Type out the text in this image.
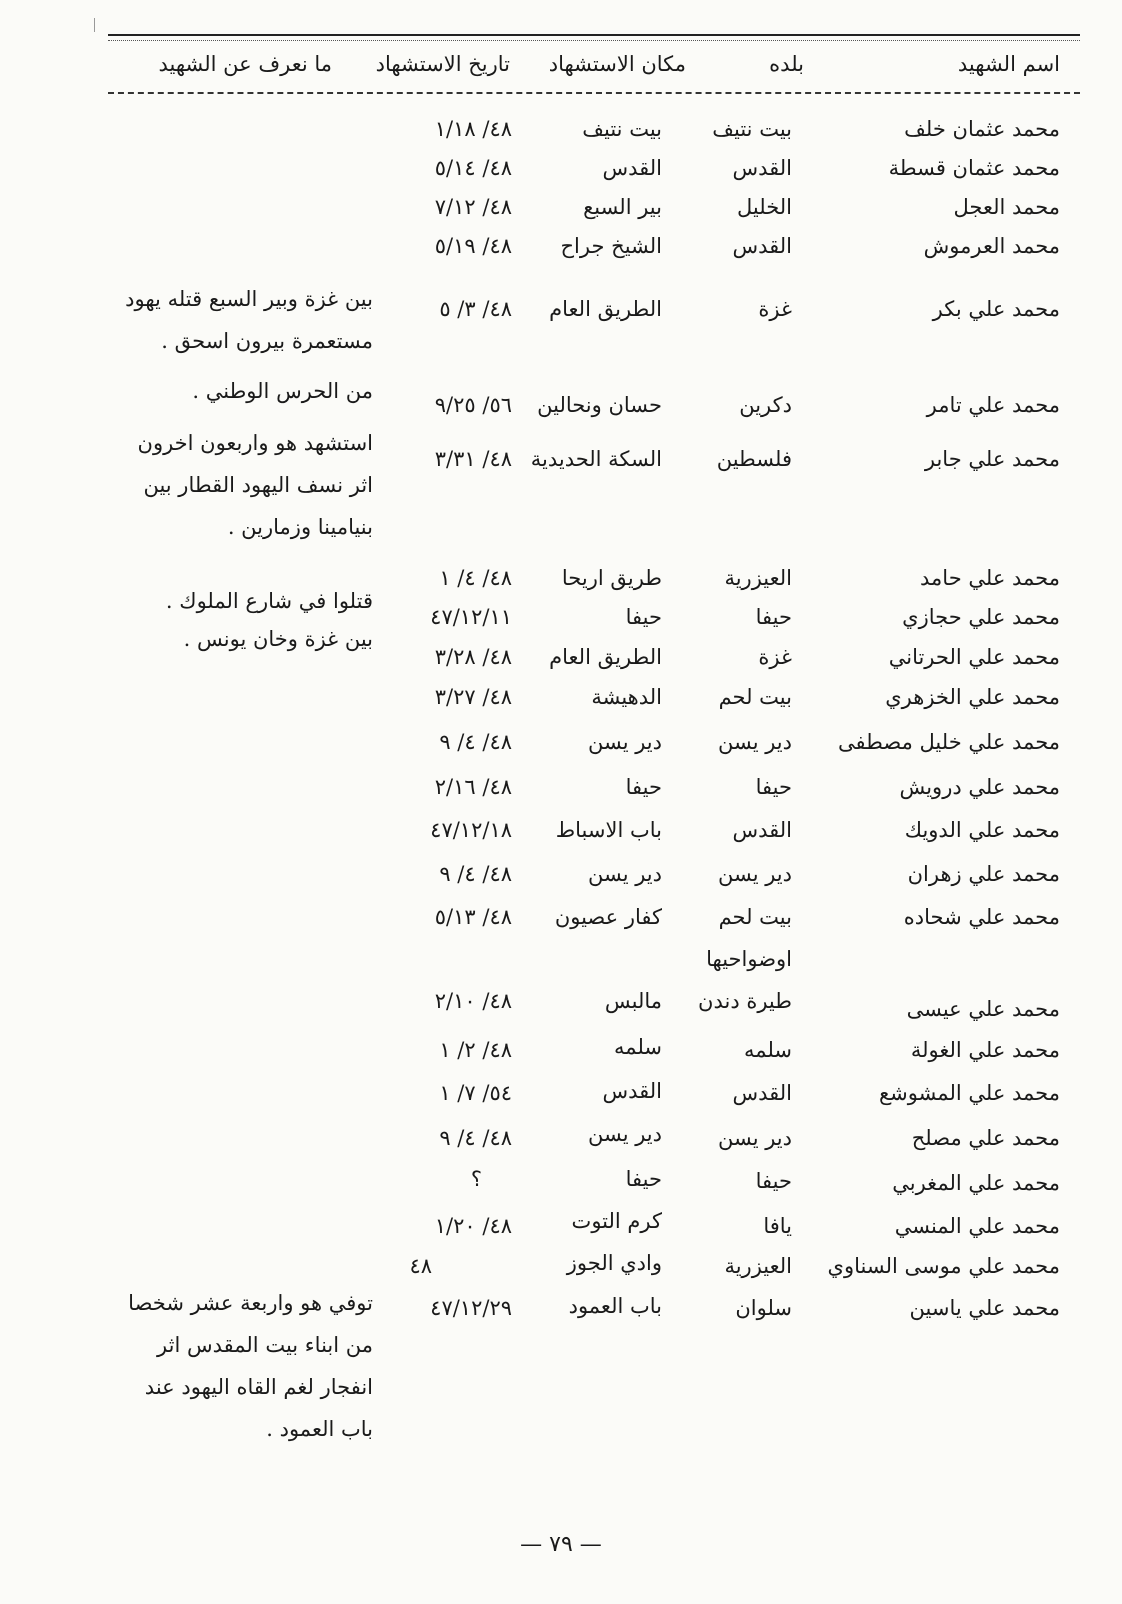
اسم الشهيد
بلده
مكان الاستشهاد
تاريخ الاستشهاد
ما نعرف عن الشهيد
محمد عثمان خلف
بيت نتيف
بيت نتيف
٤٨/ ١/١٨
محمد عثمان قسطة
القدس
القدس
٤٨/ ٥/١٤
محمد العجل
الخليل
بير السبع
٤٨/ ٧/١٢
محمد العرموش
القدس
الشيخ جراح
٤٨/ ٥/١٩
محمد علي بكر
غزة
الطريق العام
٤٨/ ٣/ ٥
محمد علي تامر
دكرين
حسان ونحالين
٥٦/ ٩/٢٥
محمد علي جابر
فلسطين
السكة الحديدية
٤٨/ ٣/٣١
محمد علي حامد
العيزرية
طريق اريحا
٤٨/ ٤/ ١
محمد علي حجازي
حيفا
حيفا
٤٧/١٢/١١
محمد علي الحرتاني
غزة
الطريق العام
٤٨/ ٣/٢٨
محمد علي الخزهري
بيت لحم
الدهيشة
٤٨/ ٣/٢٧
محمد علي خليل مصطفى
دير يسن
دير يسن
٤٨/ ٤/ ٩
محمد علي درويش
حيفا
حيفا
٤٨/ ٢/١٦
محمد علي الدويك
القدس
باب الاسباط
٤٧/١٢/١٨
محمد علي زهران
دير يسن
دير يسن
٤٨/ ٤/ ٩
محمد علي شحاده
بيت لحم
كفار عصيون
٤٨/ ٥/١٣
اوضواحيها
محمد علي عيسى
طيرة دندن
مالبس
٤٨/ ٢/١٠
محمد علي الغولة
سلمه
سلمه
٤٨/ ٢/ ١
محمد علي المشوشع
القدس
القدس
٥٤/ ٧/ ١
محمد علي مصلح
دير يسن
دير يسن
٤٨/ ٤/ ٩
محمد علي المغربي
حيفا
حيفا
؟
محمد علي المنسي
يافا
كرم التوت
٤٨/ ١/٢٠
محمد علي موسى السناوي
العيزرية
وادي الجوز
٤٨
محمد علي ياسين
سلوان
باب العمود
٤٧/١٢/٢٩
بين غزة وبير السبع قتله يهود مستعمرة بيرون اسحق .
من الحرس الوطني .
استشهد هو واربعون اخرون اثر نسف اليهود القطار بين بنيامينا وزمارين .
قتلوا في شارع الملوك .
بين غزة وخان يونس .
توفي هو واربعة عشر شخصا من ابناء بيت المقدس اثر انفجار لغم القاه اليهود عند باب العمود .
— ٧٩ —
